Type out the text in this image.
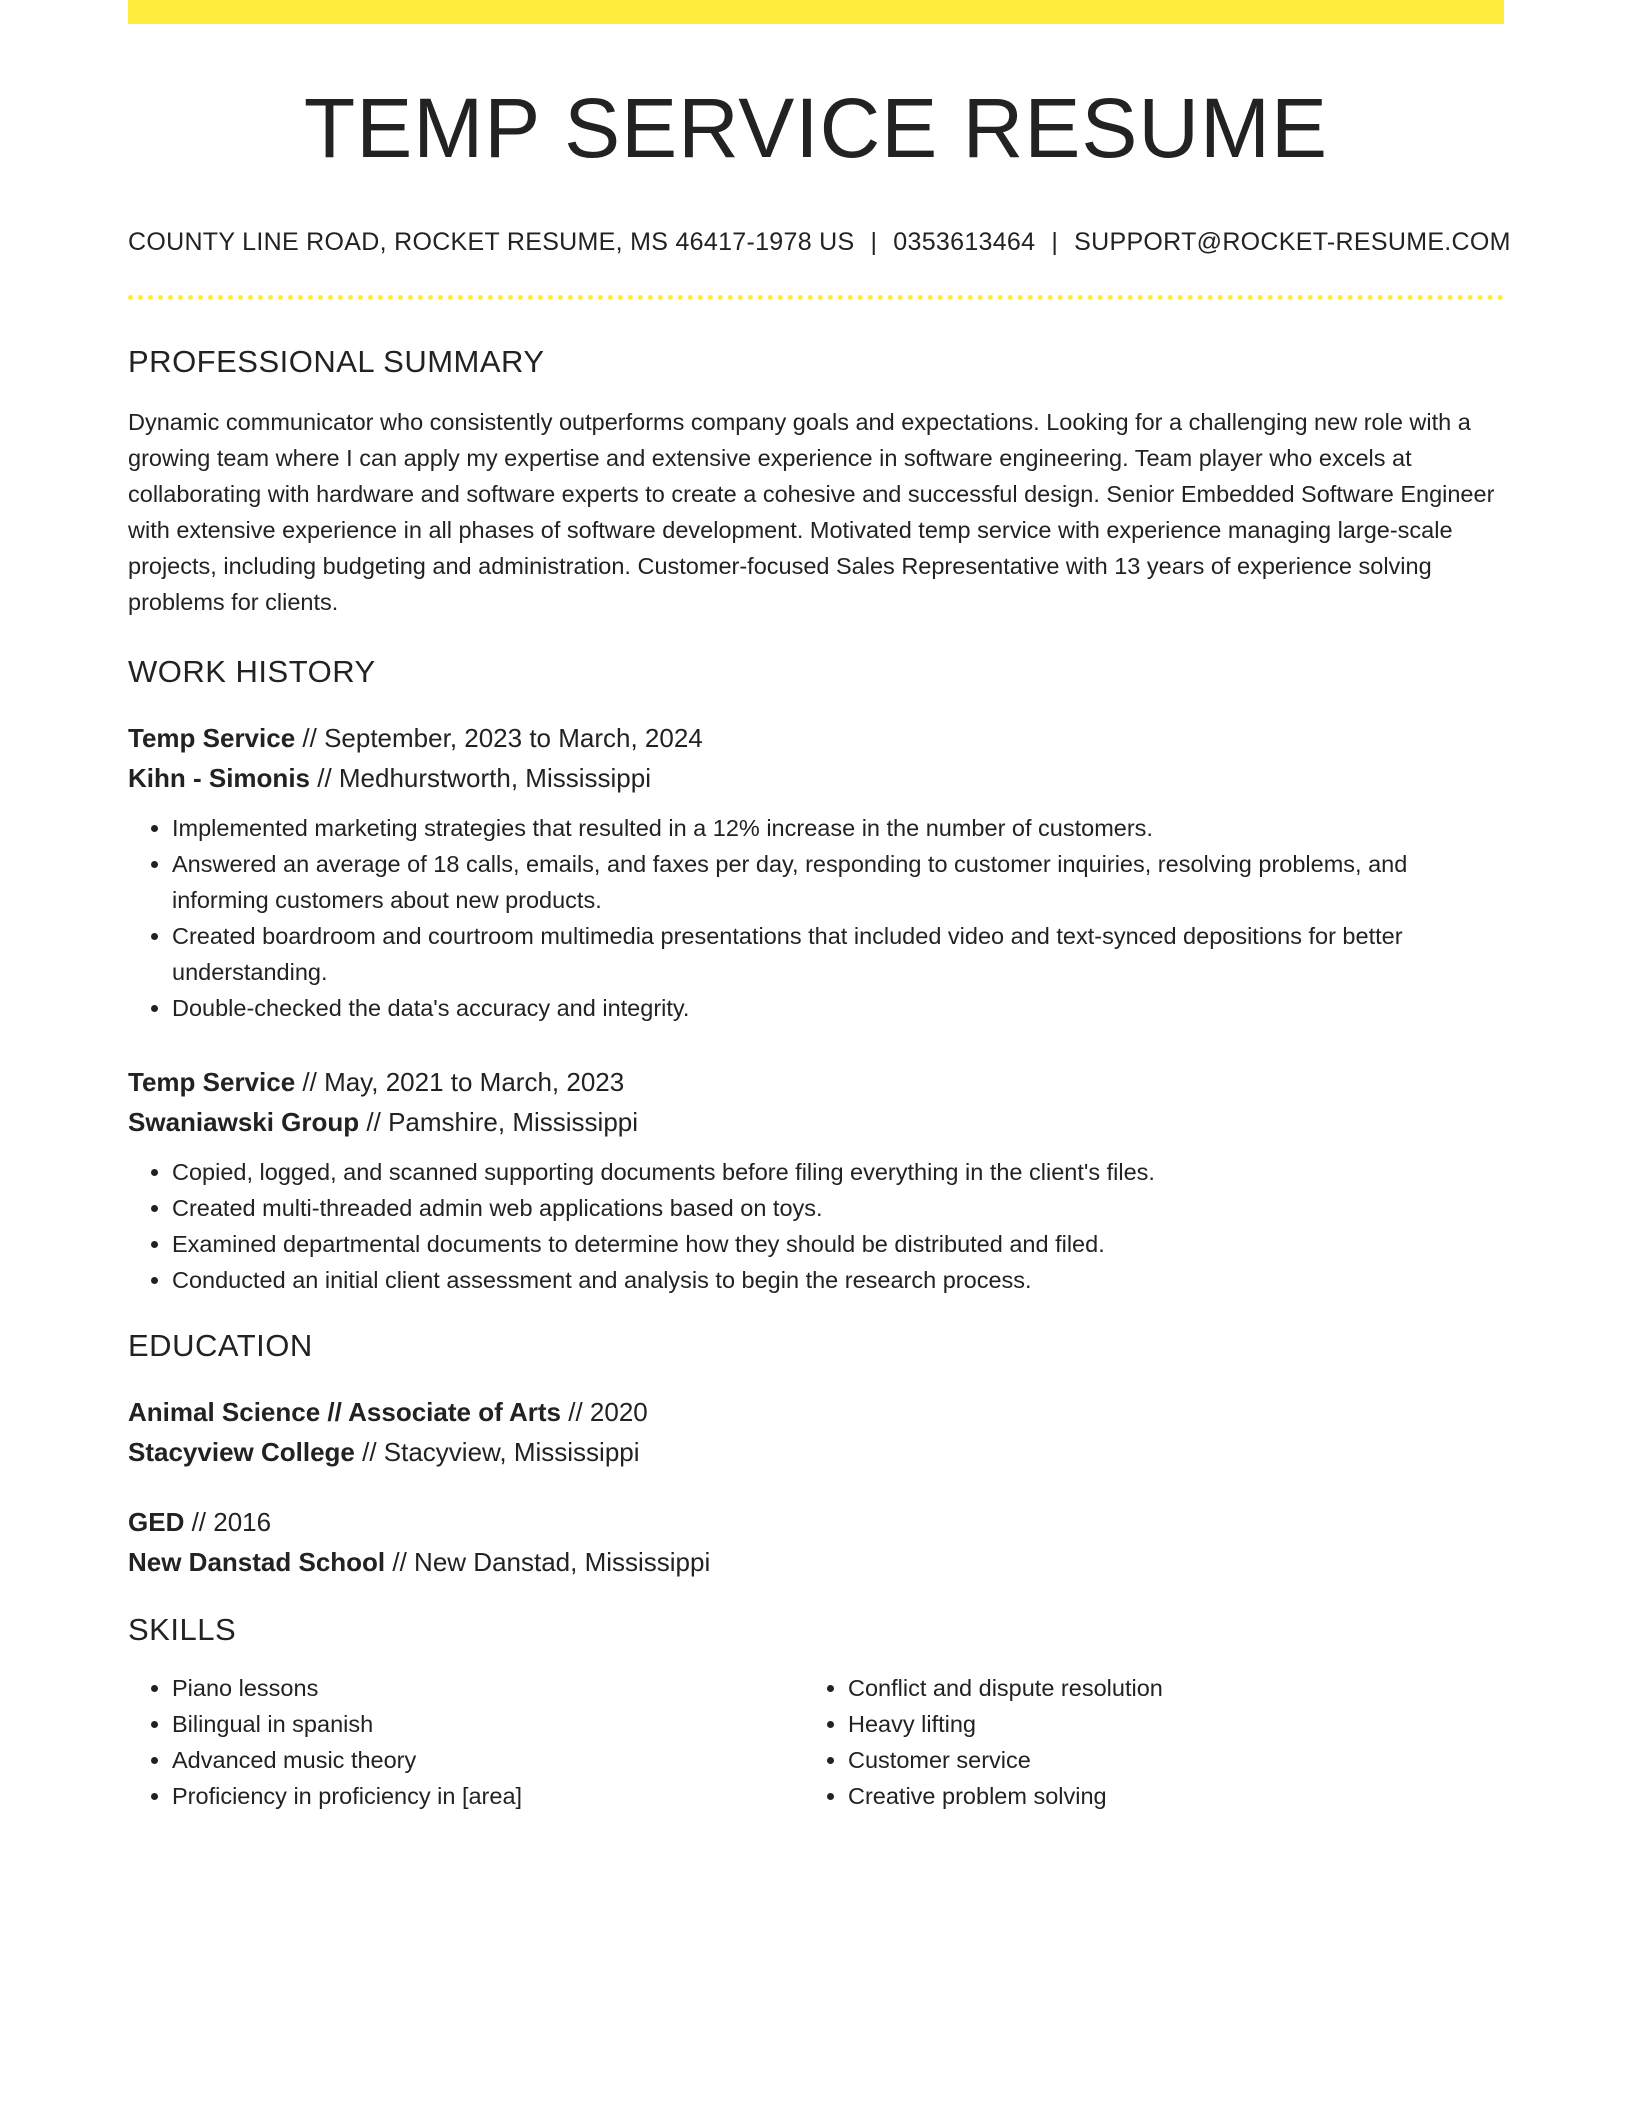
TEMP SERVICE RESUME
COUNTY LINE ROAD, ROCKET RESUME, MS 46417-1978 US | 0353613464 | SUPPORT@ROCKET-RESUME.COM
PROFESSIONAL SUMMARY

Dynamic communicator who consistently outperforms company goals and expectations. Looking for a challenging new role with a growing team where I can apply my expertise and extensive experience in software engineering. Team player who excels at collaborating with hardware and software experts to create a cohesive and successful design. Senior Embedded Software Engineer with extensive experience in all phases of software development. Motivated temp service with experience managing large-scale projects, including budgeting and administration. Customer-focused Sales Representative with 13 years of experience solving problems for clients.

WORK HISTORY
Temp Service // September, 2023 to March, 2024
Kihn - Simonis // Medhurstworth, Mississippi
• Implemented marketing strategies that resulted in a 12% increase in the number of customers.
• Answered an average of 18 calls, emails, and faxes per day, responding to customer inquiries, resolving problems, and informing customers about new products.
• Created boardroom and courtroom multimedia presentations that included video and text-synced depositions for better understanding.
• Double-checked the data's accuracy and integrity.
Temp Service // May, 2021 to March, 2023
Swaniawski Group // Pamshire, Mississippi
• Copied, logged, and scanned supporting documents before filing everything in the client's files.
• Created multi-threaded admin web applications based on toys.
• Examined departmental documents to determine how they should be distributed and filed.
• Conducted an initial client assessment and analysis to begin the research process.
EDUCATION
Animal Science // Associate of Arts // 2020
Stacyview College // Stacyview, Mississippi
GED // 2016
New Danstad School // New Danstad, Mississippi
SKILLS
• Piano lessons
• Bilingual in spanish
• Advanced music theory
• Proficiency in proficiency in [area]
• Conflict and dispute resolution
• Heavy lifting
• Customer service
• Creative problem solving
